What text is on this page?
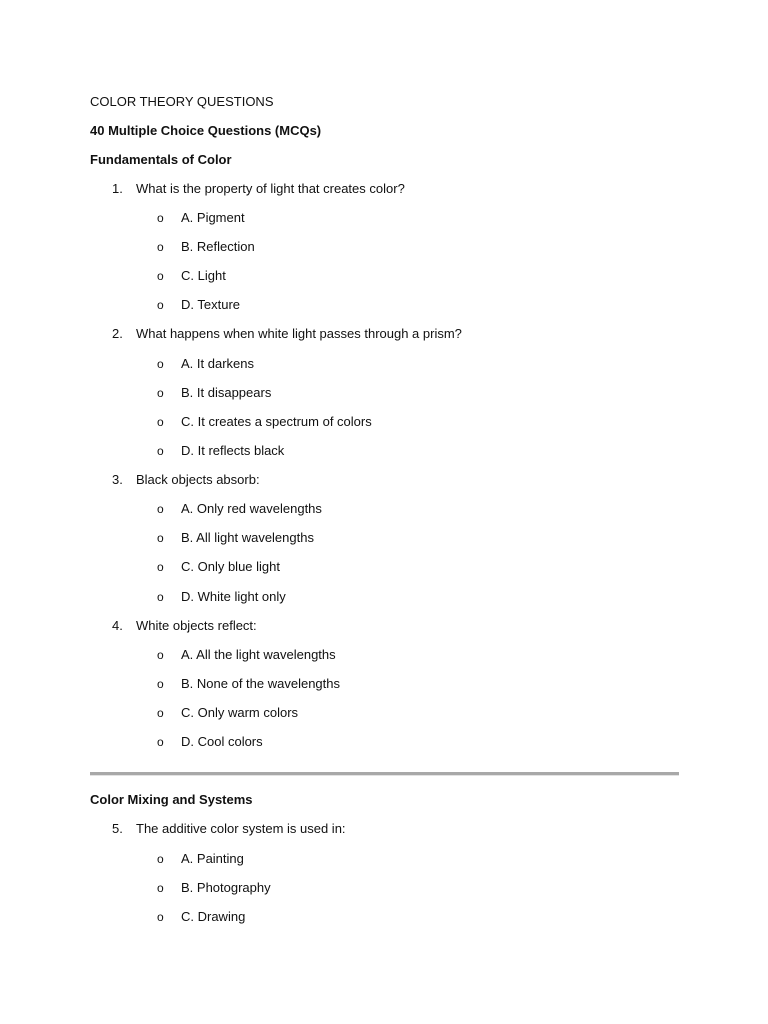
COLOR THEORY QUESTIONS
40 Multiple Choice Questions (MCQs)
Fundamentals of Color
1. What is the property of light that creates color?
o A. Pigment
o B. Reflection
o C. Light
o D. Texture
2. What happens when white light passes through a prism?
o A. It darkens
o B. It disappears
o C. It creates a spectrum of colors
o D. It reflects black
3. Black objects absorb:
o A. Only red wavelengths
o B. All light wavelengths
o C. Only blue light
o D. White light only
4. White objects reflect:
o A. All the light wavelengths
o B. None of the wavelengths
o C. Only warm colors
o D. Cool colors
Color Mixing and Systems
5. The additive color system is used in:
o A. Painting
o B. Photography
o C. Drawing
